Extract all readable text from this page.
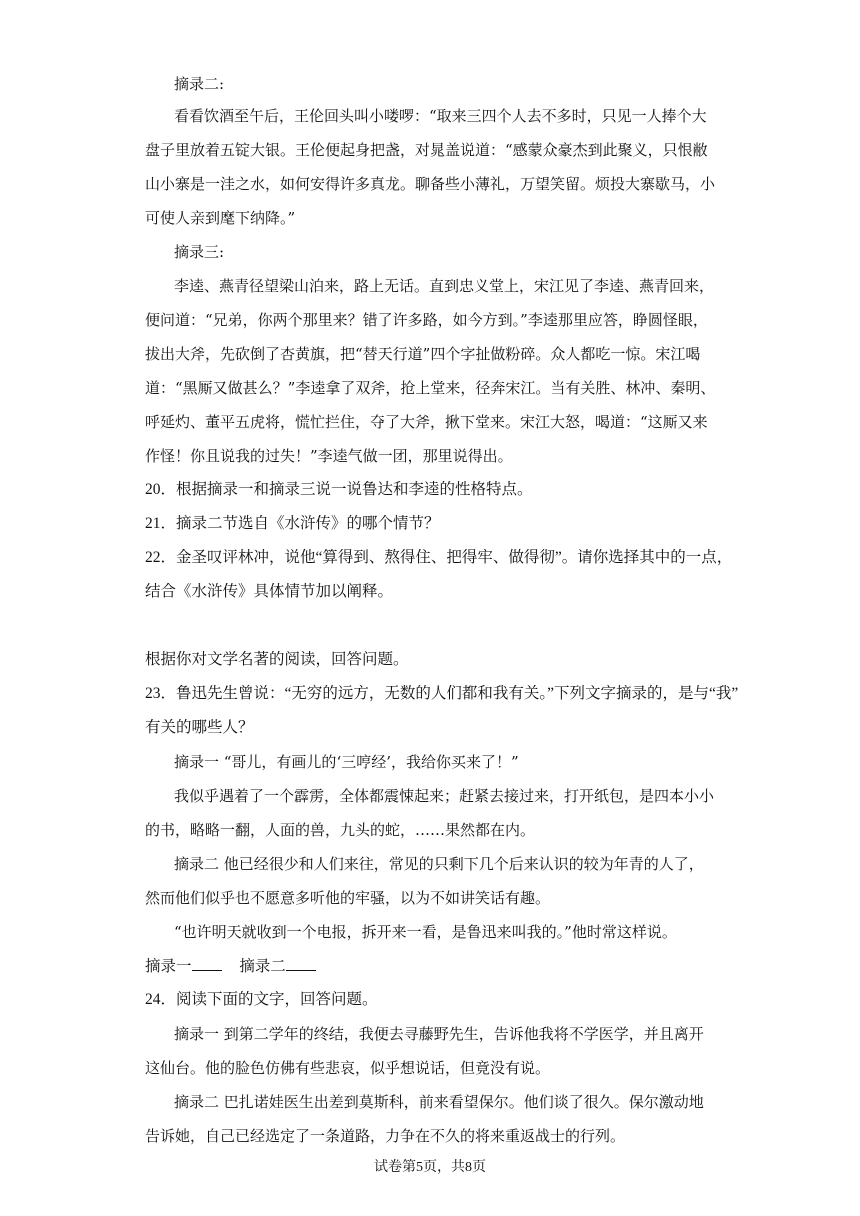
摘录二:
看看饮酒至午后，王伦回头叫小喽啰：“取来三四个人去不多时，只见一人捧个大
盘子里放着五锭大银。王伦便起身把盏，对晁盖说道：“感蒙众豪杰到此聚义，只恨敝
山小寨是一洼之水，如何安得许多真龙。聊备些小薄礼，万望笑留。烦投大寨歇马，小
可使人亲到麾下纳降。”
摘录三:
李逵、燕青径望梁山泊来，路上无话。直到忠义堂上，宋江见了李逵、燕青回来，
便问道：“兄弟，你两个那里来？错了许多路，如今方到。”李逵那里应答，睁圆怪眼，
拔出大斧，先砍倒了杏黄旗，把“替天行道”四个字扯做粉碎。众人都吃一惊。宋江喝
道：“黑厮又做甚么？”李逵拿了双斧，抢上堂来，径奔宋江。当有关胜、林冲、秦明、
呼延灼、董平五虎将，慌忙拦住，夺了大斧，揪下堂来。宋江大怒，喝道：“这厮又来
作怪！你且说我的过失！”李逵气做一团，那里说得出。
20．根据摘录一和摘录三说一说鲁达和李逵的性格特点。
21．摘录二节选自《水浒传》的哪个情节？
22．金圣叹评林冲，说他“算得到、熬得住、把得牢、做得彻”。请你选择其中的一点，
结合《水浒传》具体情节加以阐释。
根据你对文学名著的阅读，回答问题。
23．鲁迅先生曾说：“无穷的远方，无数的人们都和我有关。”下列文字摘录的，是与“我”
有关的哪些人？
摘录一 “哥儿，有画儿的‘三哼经’，我给你买来了！”
我似乎遇着了一个霹雳，全体都震悚起来；赶紧去接过来，打开纸包，是四本小小
的书，略略一翻，人面的兽，九头的蛇，……果然都在内。
摘录二 他已经很少和人们来往，常见的只剩下几个后来认识的较为年青的人了，
然而他们似乎也不愿意多听他的牢骚，以为不如讲笑话有趣。
“也许明天就收到一个电报，拆开来一看，是鲁迅来叫我的。”他时常这样说。
摘录一	摘录二
24．阅读下面的文字，回答问题。
摘录一 到第二学年的终结，我便去寻藤野先生，告诉他我将不学医学，并且离开
这仙台。他的脸色仿佛有些悲哀，似乎想说话，但竟没有说。
摘录二 巴扎诺娃医生出差到莫斯科，前来看望保尔。他们谈了很久。保尔激动地
告诉她，自己已经选定了一条道路，力争在不久的将来重返战士的行列。
试卷第5页，共8页
